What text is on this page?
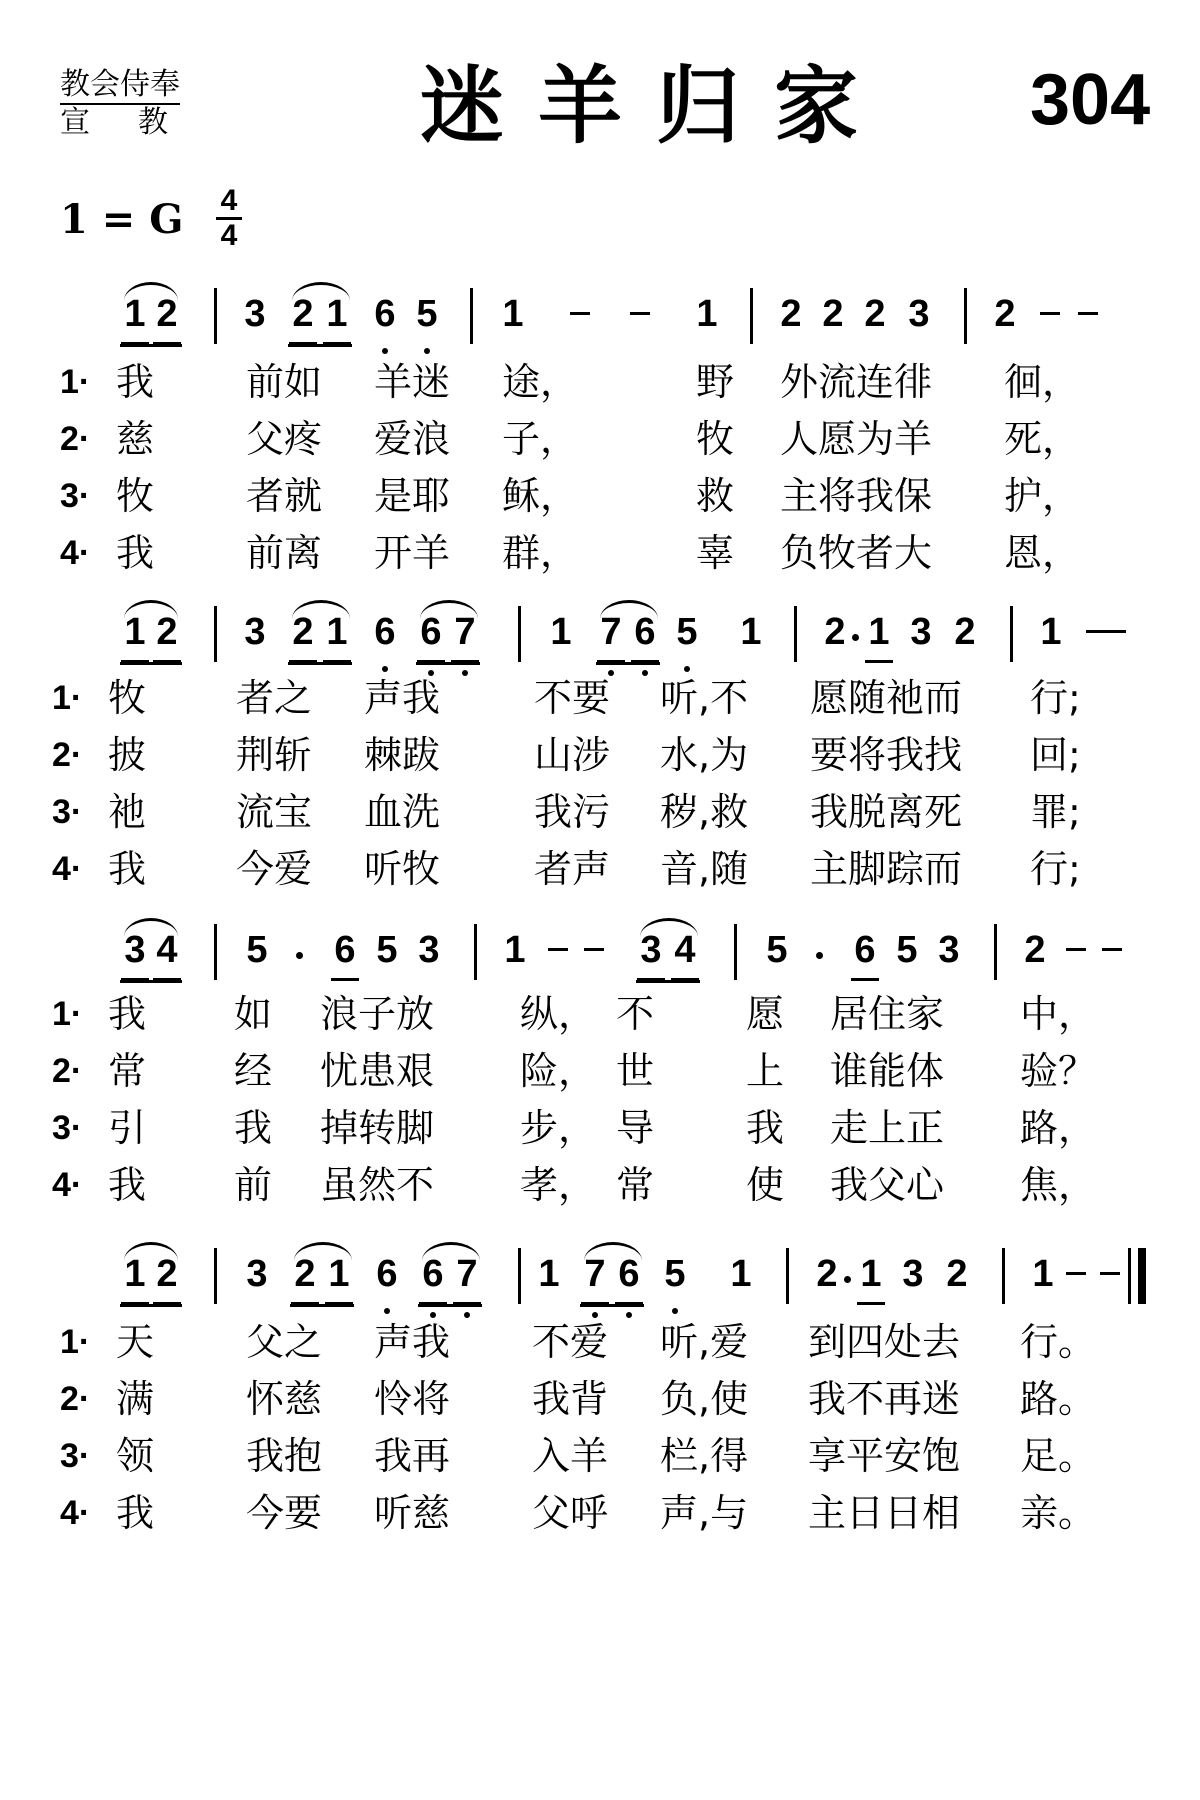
教会侍奉
宣教 迷羊归家 304
1 = G 4
4
1 2 3 2 1 6 5 1	1 2 2 2 3 2
1· 我 前如 羊迷 途，	野 外流连徘 徊，
2· 慈 父疼 爱浪 子，	牧 人愿为羊 死，
3· 牧 者就 是耶 稣，	救 主将我保 护，
4· 我 前离 开羊 群，	辜 负牧者大 恩，
1 2 3 2 1 6 6 7 1 7 6 5 1 2 1 3 2 1
1· 牧 者之 声我 不要 听,不 愿随祂而 行;
2· 披 荆斩 棘跋 山涉 水,为 要将我找 回;
3· 祂 流宝 血洗 我污 秽,救 我脱离死 罪;
4· 我 今爱 听牧 者声 音,随 主脚踪而 行;
3 4 5 6 5 3 1	3 4 5 6 5 3 2
1· 我 如 浪子放 纵， 不 愿 居住家 中，
2· 常 经 忧患艰 险， 世 上 谁能体 验？
3· 引 我 掉转脚 步， 导 我 走上正 路，
4· 我 前 虽然不 孝， 常 使 我父心 焦，
1 2 3 2 1 6 6 7 1 7 6 5 1 2 1 3 2 1
1· 天 父之 声我 不爱 听,爱 到四处去 行。
2· 满 怀慈 怜将 我背 负,使 我不再迷 路。
3· 领 我抱 我再 入羊 栏,得 享平安饱 足。
4· 我 今要 听慈 父呼 声,与 主日日相 亲。
